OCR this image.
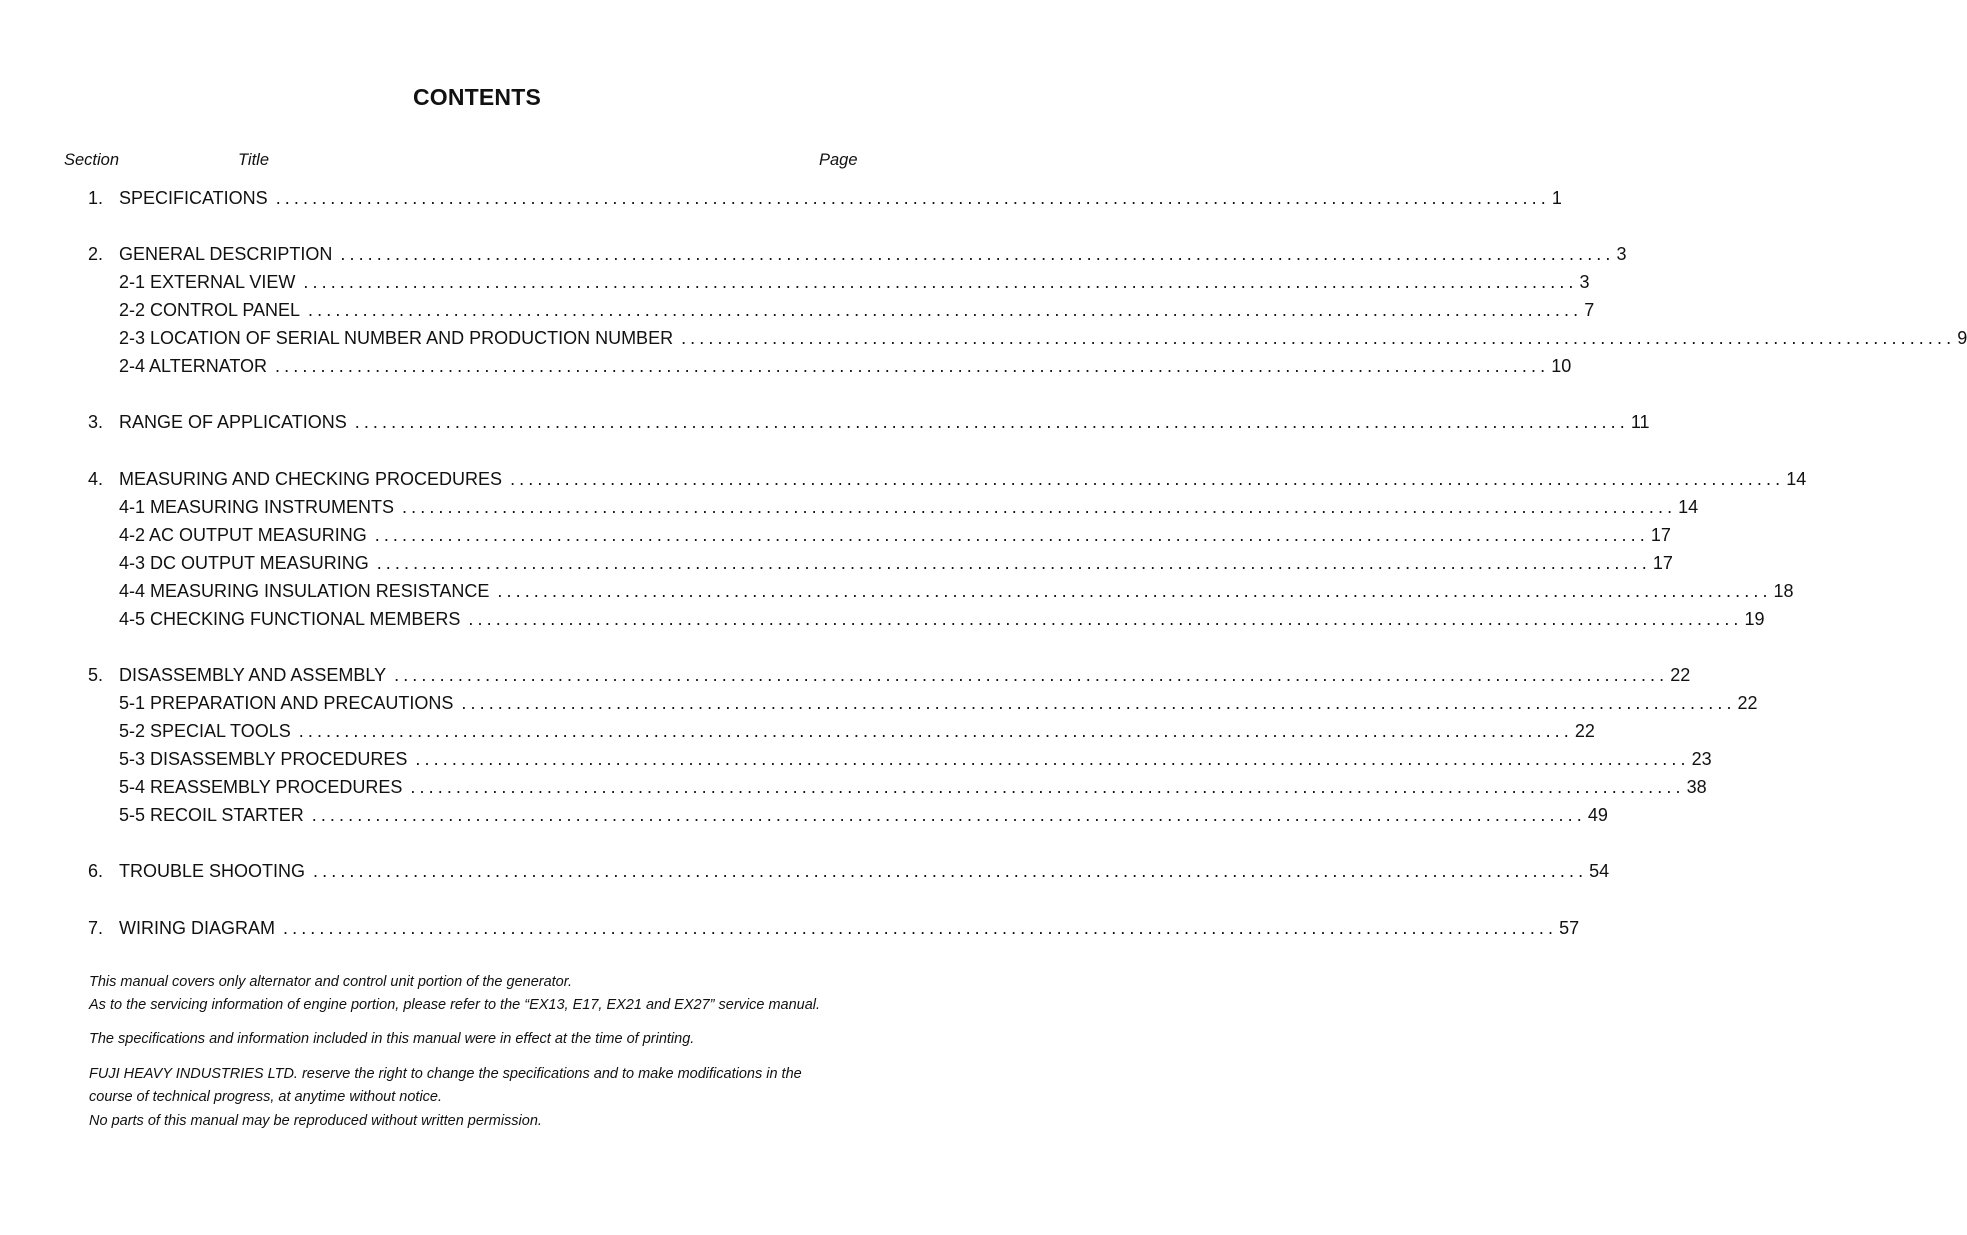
CONTENTS
Section	Title	Page
1. SPECIFICATIONS ............................................................................................................................................ 1
2. GENERAL DESCRIPTION ............................................................................................................................................ 3
2-1 EXTERNAL VIEW ............................................................................................................................................ 3
2-2 CONTROL PANEL ............................................................................................................................................ 7
2-3 LOCATION OF SERIAL NUMBER AND PRODUCTION NUMBER ............................................................................................................................................ 9
2-4 ALTERNATOR ............................................................................................................................................ 10
3. RANGE OF APPLICATIONS ............................................................................................................................................ 11
4. MEASURING AND CHECKING PROCEDURES ............................................................................................................................................ 14
4-1 MEASURING INSTRUMENTS ............................................................................................................................................ 14
4-2 AC OUTPUT MEASURING ............................................................................................................................................ 17
4-3 DC OUTPUT MEASURING ............................................................................................................................................ 17
4-4 MEASURING INSULATION RESISTANCE ............................................................................................................................................ 18
4-5 CHECKING FUNCTIONAL MEMBERS ............................................................................................................................................ 19
5. DISASSEMBLY AND ASSEMBLY ............................................................................................................................................ 22
5-1 PREPARATION AND PRECAUTIONS ............................................................................................................................................ 22
5-2 SPECIAL TOOLS ............................................................................................................................................ 22
5-3 DISASSEMBLY PROCEDURES ............................................................................................................................................ 23
5-4 REASSEMBLY PROCEDURES ............................................................................................................................................ 38
5-5 RECOIL STARTER ............................................................................................................................................ 49
6. TROUBLE SHOOTING ............................................................................................................................................ 54
7. WIRING DIAGRAM ............................................................................................................................................ 57
This manual covers only alternator and control unit portion of the generator.
As to the servicing information of engine portion, please refer to the “EX13, E17, EX21 and EX27” service manual.
The specifications and information included in this manual were in effect at the time of printing.
FUJI HEAVY INDUSTRIES LTD. reserve the right to change the specifications and to make modifications in the
course of technical progress, at anytime without notice.
No parts of this manual may be reproduced without written permission.
